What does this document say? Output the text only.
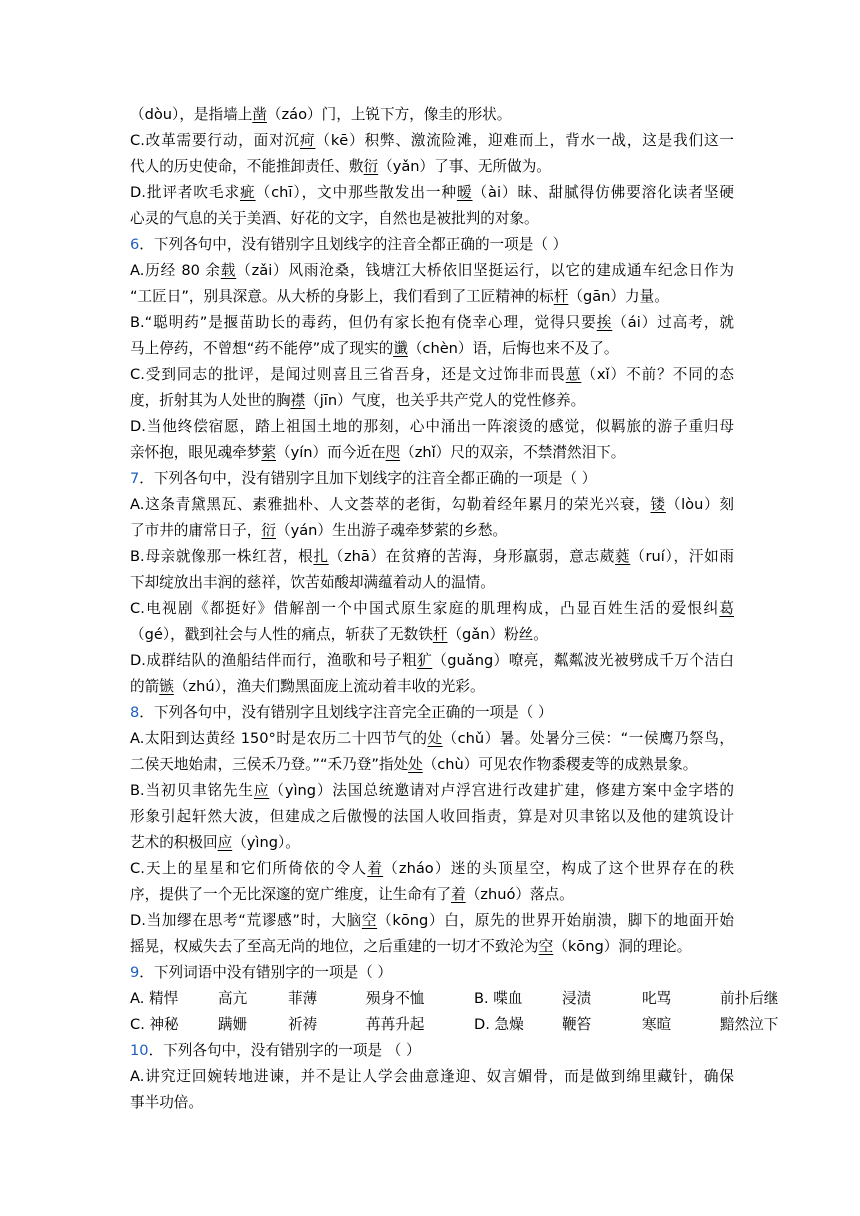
（dòu），是指墙上凿（záo）门，上锐下方，像圭的形状。
C.改革需要行动，面对沉疴（kē）积弊、激流险滩，迎难而上，背水一战，这是我们这一
代人的历史使命，不能推卸责任、敷衍（yǎn）了事、无所做为。
D.批评者吹毛求疵（chī），文中那些散发出一种暧（ài）昧、甜腻得仿佛要溶化读者坚硬
心灵的气息的关于美酒、好花的文字，自然也是被批判的对象。
6．下列各句中，没有错别字且划线字的注音全都正确的一项是（ ）
A.历经 80 余载（zǎi）风雨沧桑，钱塘江大桥依旧坚挺运行，以它的建成通车纪念日作为
“工匠日”，别具深意。从大桥的身影上，我们看到了工匠精神的标杆（gān）力量。
B.“聪明药”是揠苗助长的毒药，但仍有家长抱有侥幸心理，觉得只要挨（ái）过高考，就
马上停药，不曾想“药不能停”成了现实的谶（chèn）语，后悔也来不及了。
C.受到同志的批评，是闻过则喜且三省吾身，还是文过饰非而畏葸（xǐ）不前？不同的态
度，折射其为人处世的胸襟（jīn）气度，也关乎共产党人的党性修养。
D.当他终偿宿愿，踏上祖国土地的那刻，心中涌出一阵滚烫的感觉，似羁旅的游子重归母
亲怀抱，眼见魂牵梦萦（yín）而今近在咫（zhǐ）尺的双亲，不禁潸然泪下。
7．下列各句中，没有错别字且加下划线字的注音全都正确的一项是（ ）
A.这条青黛黑瓦、素雅拙朴、人文荟萃的老街，勾勒着经年累月的荣光兴衰，镂（lòu）刻
了市井的庸常日子，衍（yán）生出游子魂牵梦萦的乡愁。
B.母亲就像那一株红苕，根扎（zhā）在贫瘠的苦海，身形羸弱，意志葳蕤（ruí），汗如雨
下却绽放出丰润的慈祥，饮苦茹酸却满蕴着动人的温情。
C.电视剧《都挺好》借解剖一个中国式原生家庭的肌理构成，凸显百姓生活的爱恨纠葛
（gé），戳到社会与人性的痛点，斩获了无数铁杆（gǎn）粉丝。
D.成群结队的渔船结伴而行，渔歌和号子粗犷（guǎng）嘹亮，粼粼波光被劈成千万个洁白
的箭镞（zhú），渔夫们黝黑面庞上流动着丰收的光彩。
8．下列各句中，没有错别字且划线字注音完全正确的一项是（ ）
A.太阳到达黄经 150°时是农历二十四节气的处（chǔ）暑。处暑分三侯：“一侯鹰乃祭鸟，
二侯天地始肃，三侯禾乃登。”“禾乃登”指处处（chù）可见农作物黍稷麦等的成熟景象。
B.当初贝聿铭先生应（yìng）法国总统邀请对卢浮宫进行改建扩建，修建方案中金字塔的
形象引起轩然大波，但建成之后傲慢的法国人收回指责，算是对贝聿铭以及他的建筑设计
艺术的积极回应（yìng）。
C.天上的星星和它们所倚依的令人着（zháo）迷的头顶星空，构成了这个世界存在的秩
序，提供了一个无比深邃的宽广维度，让生命有了着（zhuó）落点。
D.当加缪在思考“荒谬感”时，大脑空（kōng）白，原先的世界开始崩溃，脚下的地面开始
摇晃，权威失去了至高无尚的地位，之后重建的一切才不致沦为空（kōng）洞的理论。
9．下列词语中没有错别字的一项是（ ）
A. 精悍	高亢	菲薄	殒身不恤	B. 喋血	浸渍	叱骂	前扑后继
C. 神秘	蹒姗	祈祷	苒苒升起	D. 急燥	鞭笞	寒暄	黯然泣下
10．下列各句中，没有错别字的一项是 （ ）
A.讲究迂回婉转地进谏，并不是让人学会曲意逢迎、奴言媚骨，而是做到绵里藏针，确保
事半功倍。
